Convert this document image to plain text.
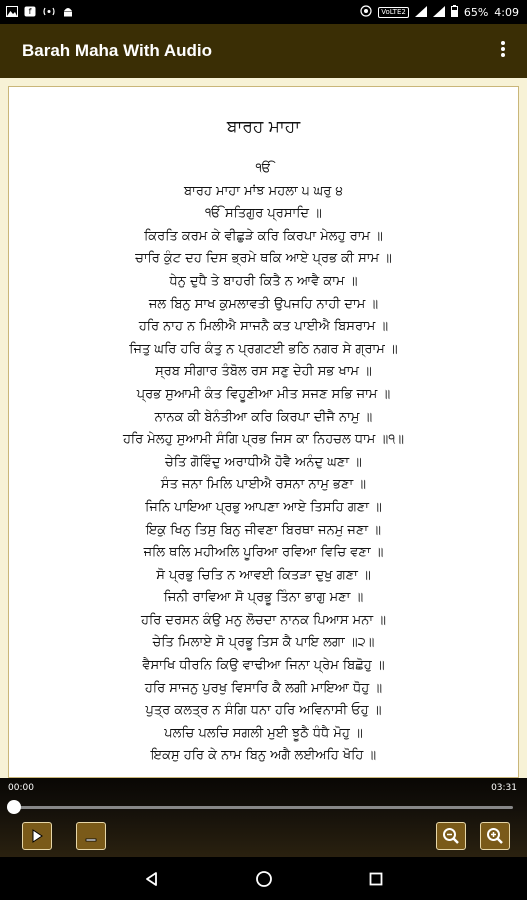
f	VoLTE2	65% 4:09
Barah Maha With Audio
ਬਾਰਹ ਮਾਹਾ
ੴ
ਬਾਰਹ ਮਾਹਾ ਮਾਂਝ ਮਹਲਾ ੫ ਘਰੁ ੪
ੴ ਸਤਿਗੁਰ ਪ੍ਰਸਾਦਿ ॥
ਕਿਰਤਿ ਕਰਮ ਕੇ ਵੀਛੁੜੇ ਕਰਿ ਕਿਰਪਾ ਮੇਲਹੁ ਰਾਮ ॥
ਚਾਰਿ ਕੁੰਟ ਦਹ ਦਿਸ ਭ੍ਰਮੇ ਥਕਿ ਆਏ ਪ੍ਰਭ ਕੀ ਸਾਮ ॥
ਧੇਨੁ ਦੁਧੈ ਤੇ ਬਾਹਰੀ ਕਿਤੈ ਨ ਆਵੈ ਕਾਮ ॥
ਜਲ ਬਿਨੁ ਸਾਖ ਕੁਮਲਾਵਤੀ ਉਪਜਹਿ ਨਾਹੀ ਦਾਮ ॥
ਹਰਿ ਨਾਹ ਨ ਮਿਲੀਐ ਸਾਜਨੈ ਕਤ ਪਾਈਐ ਬਿਸਰਾਮ ॥
ਜਿਤੁ ਘਰਿ ਹਰਿ ਕੰਤੁ ਨ ਪ੍ਰਗਟਈ ਭਠਿ ਨਗਰ ਸੇ ਗ੍ਰਾਮ ॥
ਸ੍ਰਬ ਸੀਗਾਰ ਤੰਬੋਲ ਰਸ ਸਣੁ ਦੇਹੀ ਸਭ ਖਾਮ ॥
ਪ੍ਰਭ ਸੁਆਮੀ ਕੰਤ ਵਿਹੂਣੀਆ ਮੀਤ ਸਜਣ ਸਭਿ ਜਾਮ ॥
ਨਾਨਕ ਕੀ ਬੇਨੰਤੀਆ ਕਰਿ ਕਿਰਪਾ ਦੀਜੈ ਨਾਮੁ ॥
ਹਰਿ ਮੇਲਹੁ ਸੁਆਮੀ ਸੰਗਿ ਪ੍ਰਭ ਜਿਸ ਕਾ ਨਿਹਚਲ ਧਾਮ ॥੧॥
ਚੇਤਿ ਗੋਵਿੰਦੁ ਅਰਾਧੀਐ ਹੋਵੈ ਅਨੰਦੁ ਘਣਾ ॥
ਸੰਤ ਜਨਾ ਮਿਲਿ ਪਾਈਐ ਰਸਨਾ ਨਾਮੁ ਭਣਾ ॥
ਜਿਨਿ ਪਾਇਆ ਪ੍ਰਭੁ ਆਪਣਾ ਆਏ ਤਿਸਹਿ ਗਣਾ ॥
ਇਕੁ ਖਿਨੁ ਤਿਸੁ ਬਿਨੁ ਜੀਵਣਾ ਬਿਰਥਾ ਜਨਮੁ ਜਣਾ ॥
ਜਲਿ ਥਲਿ ਮਹੀਅਲਿ ਪੂਰਿਆ ਰਵਿਆ ਵਿਚਿ ਵਣਾ ॥
ਸੋ ਪ੍ਰਭੁ ਚਿਤਿ ਨ ਆਵਈ ਕਿਤੜਾ ਦੁਖੁ ਗਣਾ ॥
ਜਿਨੀ ਰਾਵਿਆ ਸੋ ਪ੍ਰਭੂ ਤਿੰਨਾ ਭਾਗੁ ਮਣਾ ॥
ਹਰਿ ਦਰਸਨ ਕੰਉ ਮਨੁ ਲੋਚਦਾ ਨਾਨਕ ਪਿਆਸ ਮਨਾ ॥
ਚੇਤਿ ਮਿਲਾਏ ਸੋ ਪ੍ਰਭੂ ਤਿਸ ਕੈ ਪਾਇ ਲਗਾ ॥੨॥
ਵੈਸਾਖਿ ਧੀਰਨਿ ਕਿਉ ਵਾਢੀਆ ਜਿਨਾ ਪ੍ਰੇਮ ਬਿਛੋਹੁ ॥
ਹਰਿ ਸਾਜਨੁ ਪੁਰਖੁ ਵਿਸਾਰਿ ਕੈ ਲਗੀ ਮਾਇਆ ਧੋਹੁ ॥
ਪੁਤ੍ਰ ਕਲਤ੍ਰ ਨ ਸੰਗਿ ਧਨਾ ਹਰਿ ਅਵਿਨਾਸੀ ਓਹੁ ॥
ਪਲਚਿ ਪਲਚਿ ਸਗਲੀ ਮੁਈ ਝੂਠੈ ਧੰਧੈ ਮੋਹੁ ॥
ਇਕਸੁ ਹਰਿ ਕੇ ਨਾਮ ਬਿਨੁ ਅਗੈ ਲਈਅਹਿ ਖੋਹਿ ॥
00:00	03:31
